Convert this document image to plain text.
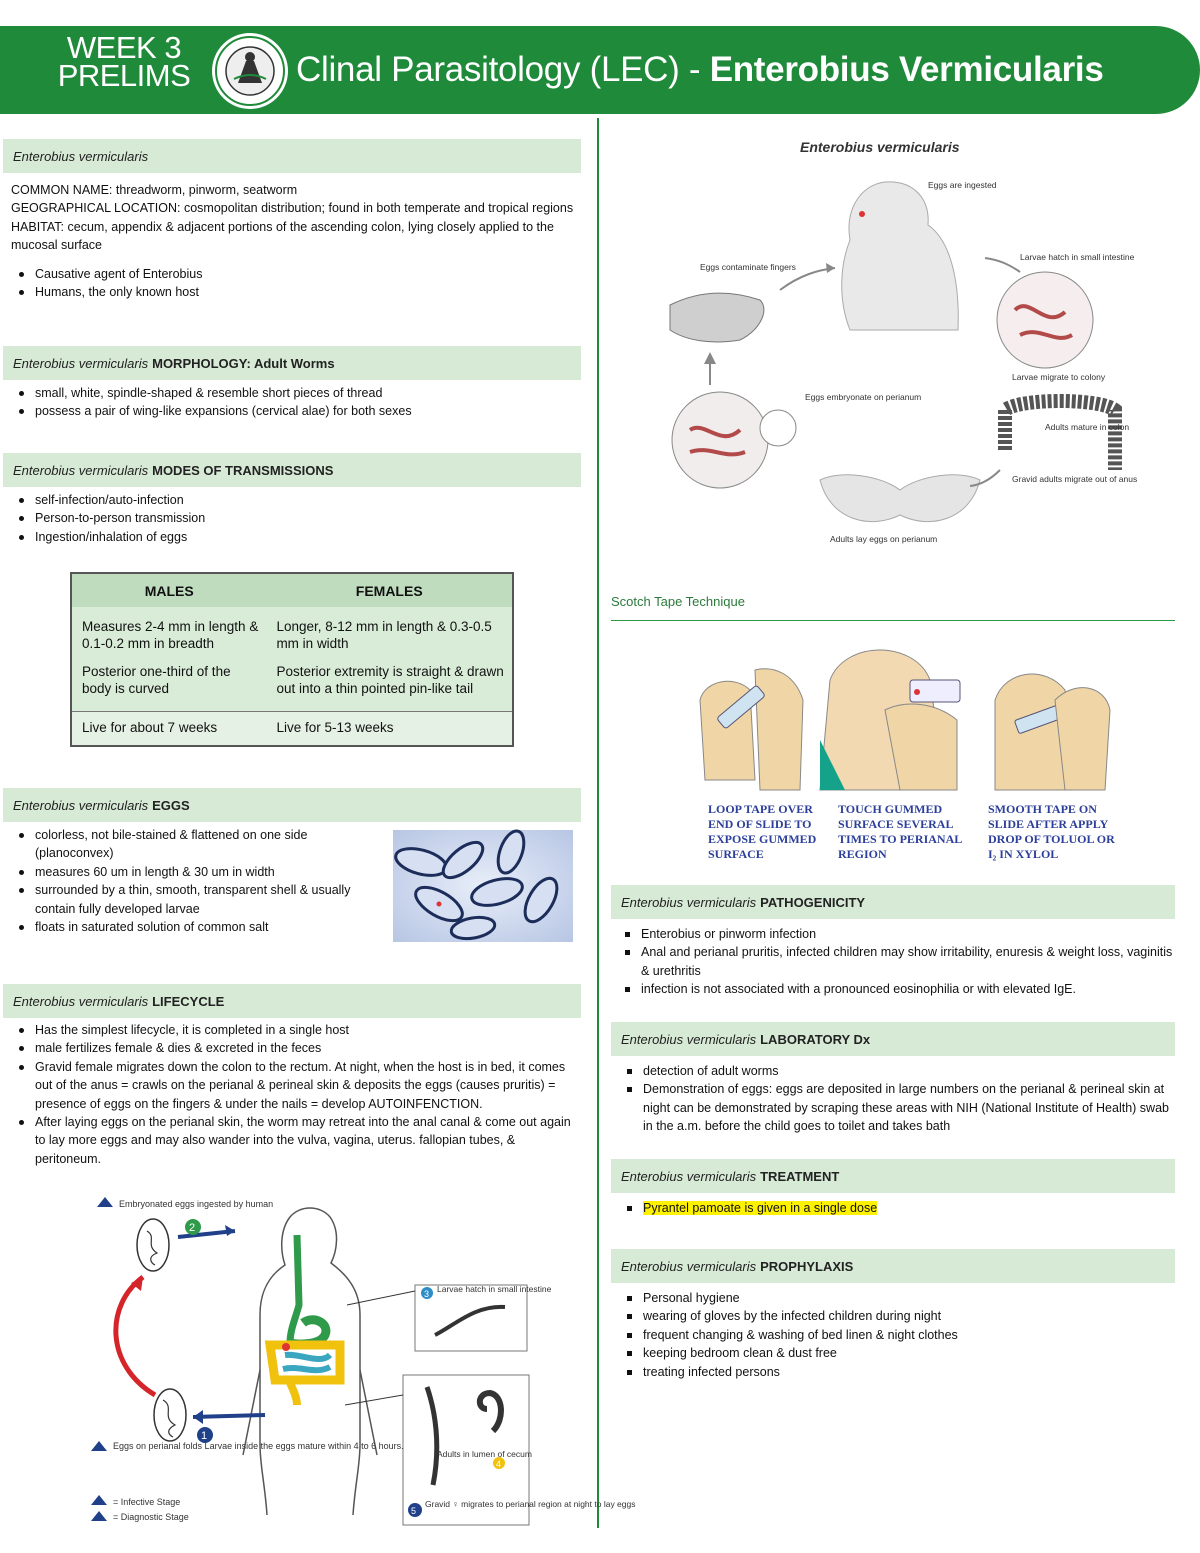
WEEK 3
PRELIMS	Clinal Parasitology (LEC) - Enterobius Vermicularis
Enterobius vermicularis
COMMON NAME: threadworm, pinworm, seatworm
GEOGRAPHICAL LOCATION: cosmopolitan distribution; found in both temperate and tropical regions
HABITAT: cecum, appendix & adjacent portions of the ascending colon, lying closely applied to the mucosal surface
Causative agent of Enterobius
Humans, the only known host
Enterobius vermicularis MORPHOLOGY: Adult Worms
small, white, spindle-shaped & resemble short pieces of thread
possess a pair of wing-like expansions (cervical alae) for both sexes
Enterobius vermicularis MODES OF TRANSMISSIONS
self-infection/auto-infection
Person-to-person transmission
Ingestion/inhalation of eggs
MALES	FEMALES
Measures 2-4 mm in length & 0.1-0.2 mm in breadth	Longer, 8-12 mm in length & 0.3-0.5 mm in width
Posterior one-third of the body is curved	Posterior extremity is straight & drawn out into a thin pointed pin-like tail
Live for about 7 weeks	Live for 5-13 weeks
Enterobius vermicularis EGGS
colorless, not bile-stained & flattened on one side (planoconvex)
measures 60 um in length & 30 um in width
surrounded by a thin, smooth, transparent shell & usually contain fully developed larvae
floats in saturated solution of common salt
Enterobius vermicularis LIFECYCLE
Has the simplest lifecycle, it is completed in a single host
male fertilizes female & dies & excreted in the feces
Gravid female migrates down the colon to the rectum. At night, when the host is in bed, it comes out of the anus = crawls on the perianal & perineal skin & deposits the eggs (causes pruritis) = presence of eggs on the fingers & under the nails = develop AUTOINFENCTION.
After laying eggs on the perianal skin, the worm may retreat into the anal canal & come out again to lay more eggs and may also wander into the vulva, vagina, uterus. fallopian tubes, & peritoneum.
1
2
3 Larvae hatch in small intestine
4
Adults in lumen of cecum
5
Gravid ♀ migrates to perianal region at night to lay eggs
Embryonated eggs ingested by human
Eggs on perianal folds Larvae inside the eggs mature within 4 to 6 hours.
= Infective Stage
= Diagnostic Stage
Enterobius vermicularis
Eggs are ingested
Eggs contaminate fingers
Larvae hatch in small intestine
Larvae migrate to colony
Adults mature in colon
Gravid adults migrate out of anus
Adults lay eggs on perianum
Eggs embryonate on perianum
Scotch Tape Technique
LOOP TAPE OVER END OF SLIDE TO EXPOSE GUMMED SURFACE
TOUCH GUMMED SURFACE SEVERAL TIMES TO PERIANAL REGION
SMOOTH TAPE ON SLIDE AFTER APPLY DROP OF TOLUOL OR I₂ IN XYLOL
Enterobius vermicularis PATHOGENICITY
Enterobius or pinworm infection
Anal and perianal pruritis, infected children may show irritability, enuresis & weight loss, vaginitis & urethritis
infection is not associated with a pronounced eosinophilia or with elevated IgE.
Enterobius vermicularis LABORATORY Dx
detection of adult worms
Demonstration of eggs: eggs are deposited in large numbers on the perianal & perineal skin at night can be demonstrated by scraping these areas with NIH (National Institute of Health) swab in the a.m. before the child goes to toilet and takes bath
Enterobius vermicularis TREATMENT
Pyrantel pamoate is given in a single dose
Enterobius vermicularis PROPHYLAXIS
Personal hygiene
wearing of gloves by the infected children during night
frequent changing & washing of bed linen & night clothes
keeping bedroom clean & dust free
treating infected persons
